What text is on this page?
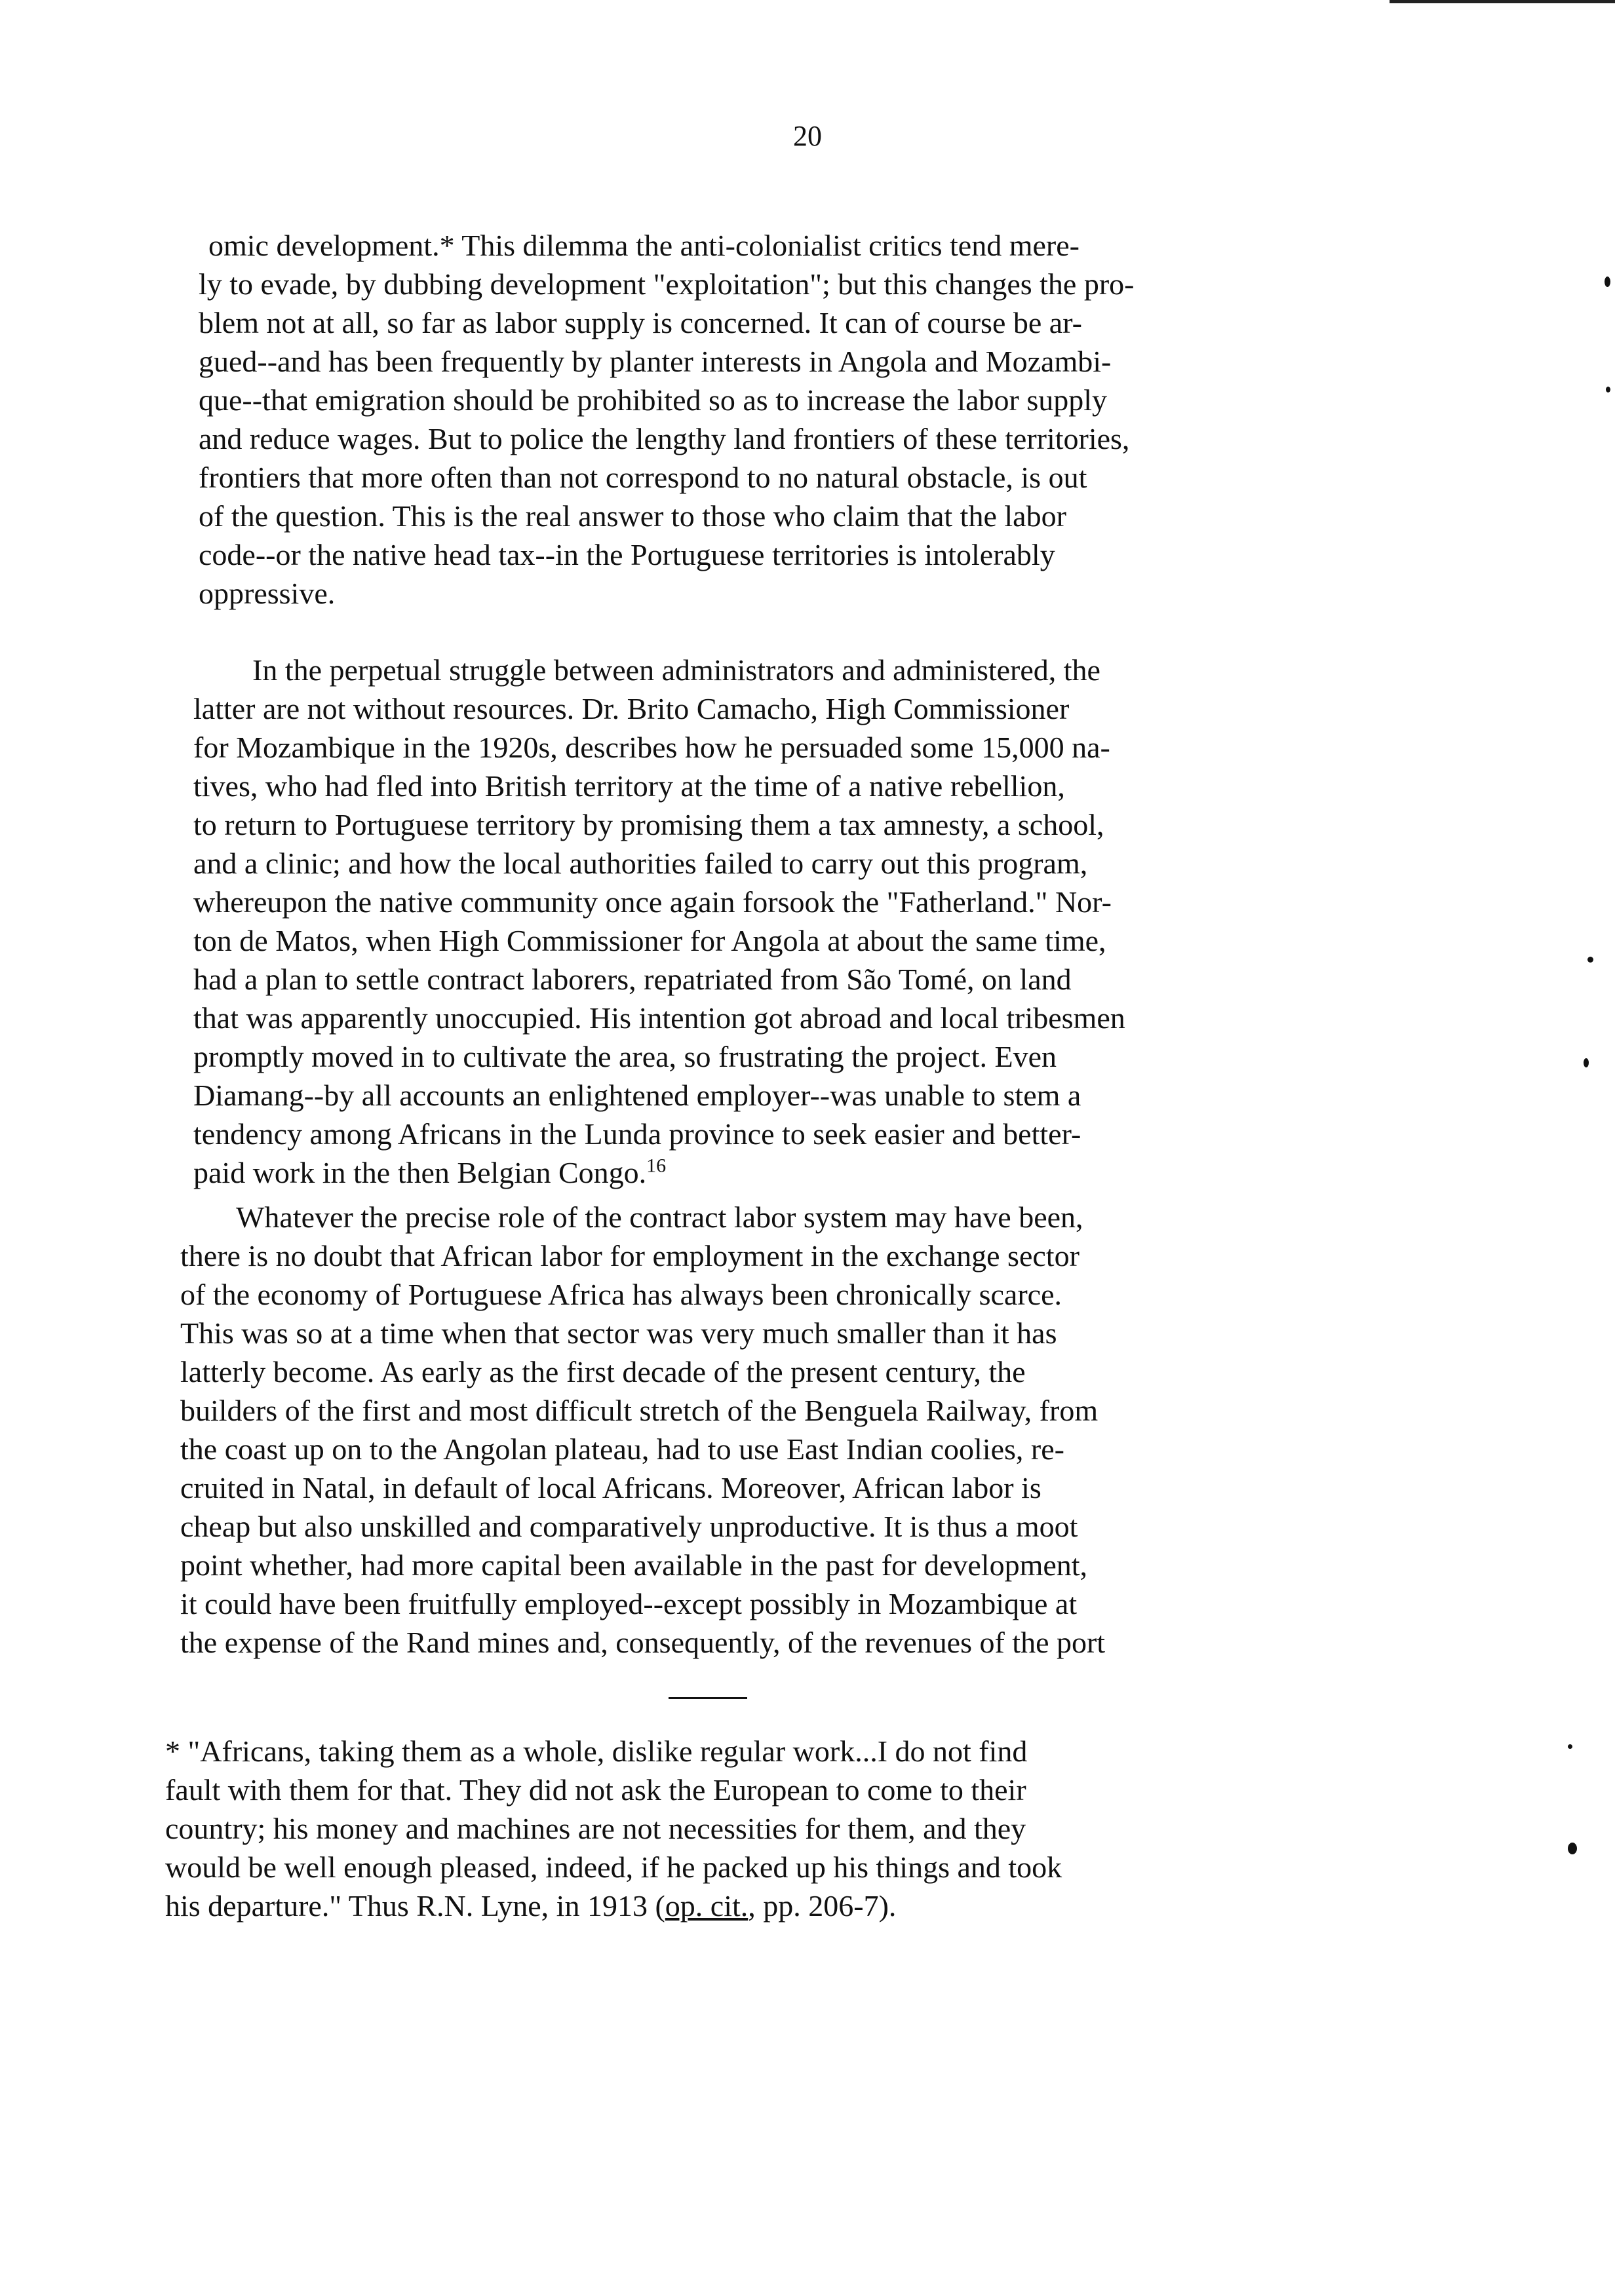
20
omic development.* This dilemma the anti-colonialist critics tend mere-
ly to evade, by dubbing development "exploitation"; but this changes the pro-
blem not at all, so far as labor supply is concerned. It can of course be ar-
gued--and has been frequently by planter interests in Angola and Mozambi-
que--that emigration should be prohibited so as to increase the labor supply
and reduce wages. But to police the lengthy land frontiers of these territories,
frontiers that more often than not correspond to no natural obstacle, is out
of the question. This is the real answer to those who claim that the labor
code--or the native head tax--in the Portuguese territories is intolerably
oppressive.
In the perpetual struggle between administrators and administered, the
latter are not without resources. Dr. Brito Camacho, High Commissioner
for Mozambique in the 1920s, describes how he persuaded some 15,000 na-
tives, who had fled into British territory at the time of a native rebellion,
to return to Portuguese territory by promising them a tax amnesty, a school,
and a clinic; and how the local authorities failed to carry out this program,
whereupon the native community once again forsook the "Fatherland." Nor-
ton de Matos, when High Commissioner for Angola at about the same time,
had a plan to settle contract laborers, repatriated from São Tomé, on land
that was apparently unoccupied. His intention got abroad and local tribesmen
promptly moved in to cultivate the area, so frustrating the project. Even
Diamang--by all accounts an enlightened employer--was unable to stem a
tendency among Africans in the Lunda province to seek easier and better-
paid work in the then Belgian Congo.$^{16}$
Whatever the precise role of the contract labor system may have been,
there is no doubt that African labor for employment in the exchange sector
of the economy of Portuguese Africa has always been chronically scarce.
This was so at a time when that sector was very much smaller than it has
latterly become. As early as the first decade of the present century, the
builders of the first and most difficult stretch of the Benguela Railway, from
the coast up on to the Angolan plateau, had to use East Indian coolies, re-
cruited in Natal, in default of local Africans. Moreover, African labor is
cheap but also unskilled and comparatively unproductive. It is thus a moot
point whether, had more capital been available in the past for development,
it could have been fruitfully employed--except possibly in Mozambique at
the expense of the Rand mines and, consequently, of the revenues of the port
* "Africans, taking them as a whole, dislike regular work...I do not find
fault with them for that. They did not ask the European to come to their
country; his money and machines are not necessities for them, and they
would be well enough pleased, indeed, if he packed up his things and took
his departure." Thus R.N. Lyne, in 1913 (op. cit., pp. 206-7).
